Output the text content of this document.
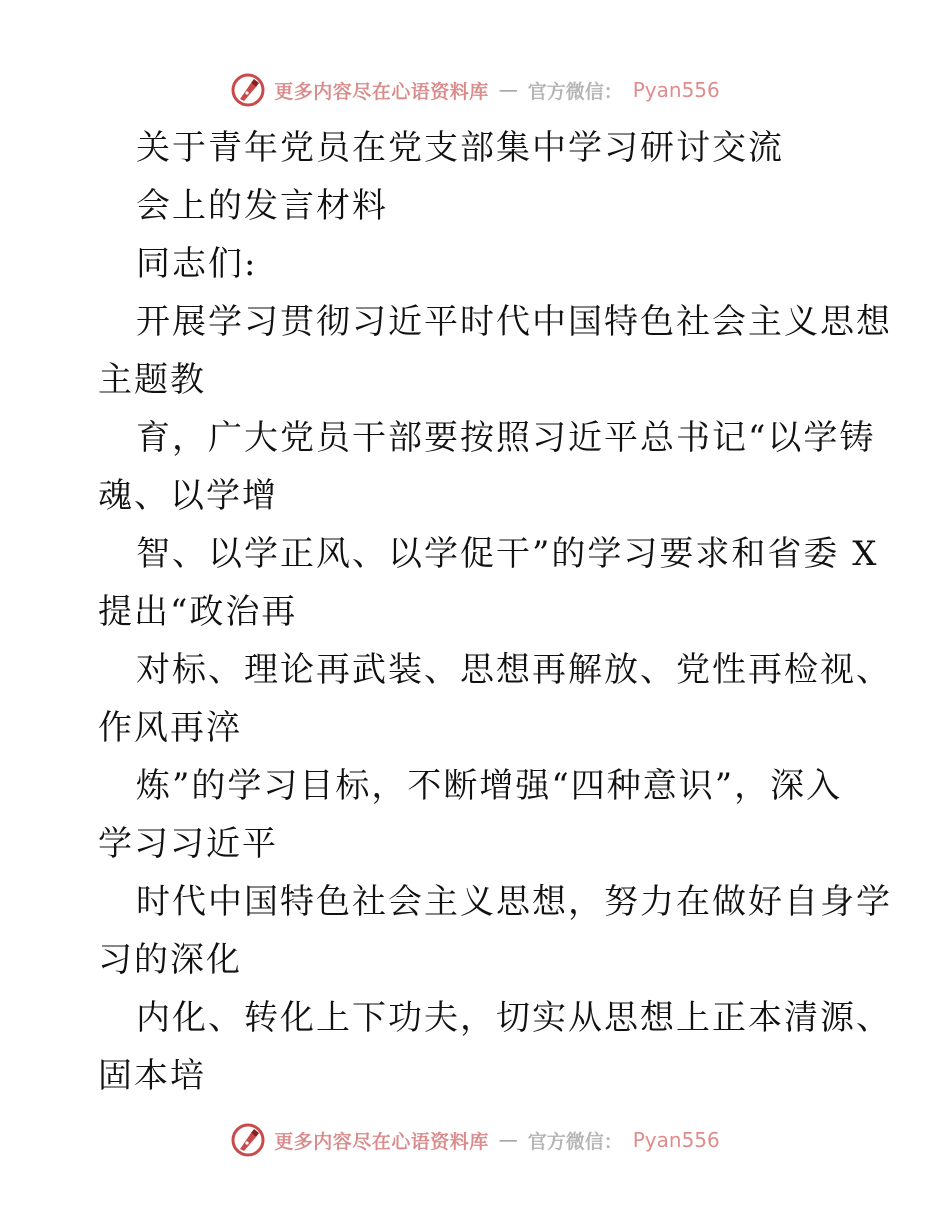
更多内容尽在心语资料库 — 官方微信： Pyan556
关于青年党员在党支部集中学习研讨交流
会上的发言材料
同志们:
开展学习贯彻习近平时代中国特色社会主义思想
主题教
育，广大党员干部要按照习近平总书记“以学铸
魂、以学增
智、以学正风、以学促干”的学习要求和省委 X
提出“政治再
对标、理论再武装、思想再解放、党性再检视、
作风再淬
炼”的学习目标，不断增强“四种意识”，深入
学习习近平
时代中国特色社会主义思想，努力在做好自身学
习的深化
内化、转化上下功夫，切实从思想上正本清源、
固本培
更多内容尽在心语资料库 — 官方微信： Pyan556
